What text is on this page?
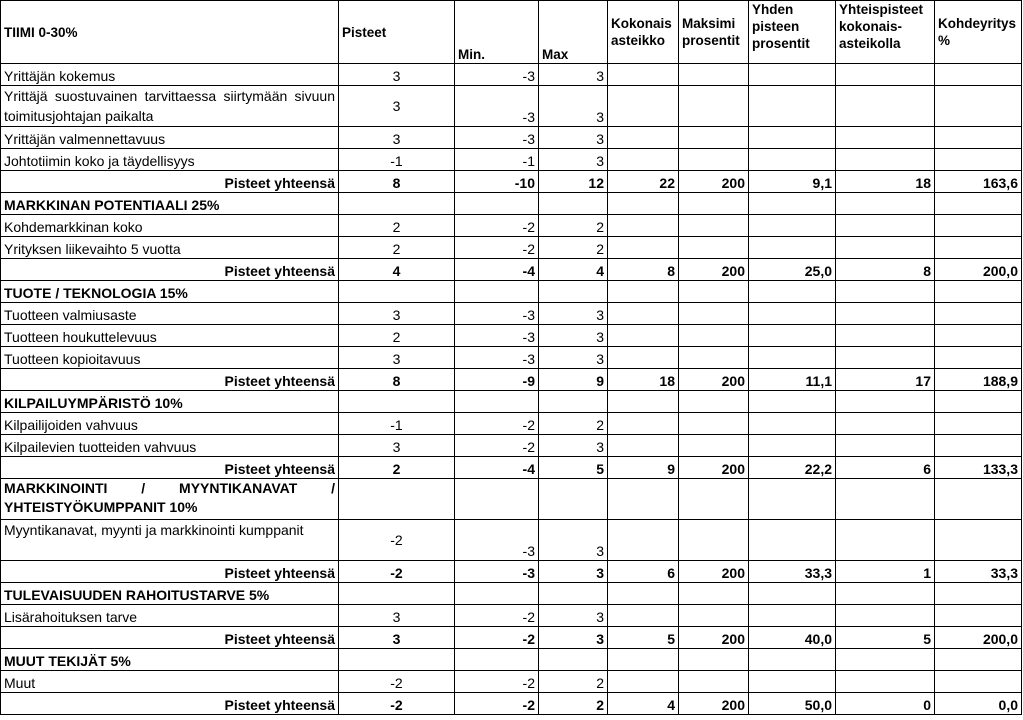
TIIMI 0-30%	Pisteet	Min.	Max	Kokonais asteikko	Maksimi prosentit	Yhden pisteen prosentit	Yhteispisteet kokonais-asteikolla	Kohdeyritys %
Yrittäjän kokemus	3	-3	3					
Yrittäjä suostuvainen tarvittaessa siirtymään sivuun toimitusjohtajan paikalta	3	-3	3					
Yrittäjän valmennettavuus	3	-3	3					
Johtotiimin koko ja täydellisyys	-1	-1	3					
Pisteet yhteensä	8	-10	12	22	200	9,1	18	163,6
MARKKINAN POTENTIAALI 25%								
Kohdemarkkinan koko	2	-2	2					
Yrityksen liikevaihto 5 vuotta	2	-2	2					
Pisteet yhteensä	4	-4	4	8	200	25,0	8	200,0
TUOTE / TEKNOLOGIA 15%								
Tuotteen valmiusaste	3	-3	3					
Tuotteen houkuttelevuus	2	-3	3					
Tuotteen kopioitavuus	3	-3	3					
Pisteet yhteensä	8	-9	9	18	200	11,1	17	188,9
KILPAILUYMPÄRISTÖ 10%								
Kilpailijoiden vahvuus	-1	-2	2					
Kilpailevien tuotteiden vahvuus	3	-2	3					
Pisteet yhteensä	2	-4	5	9	200	22,2	6	133,3
MARKKINOINTI / MYYNTIKANAVAT / YHTEISTYÖKUMPPANIT 10%								
Myyntikanavat, myynti ja markkinointi kumppanit	-2	-3	3					
Pisteet yhteensä	-2	-3	3	6	200	33,3	1	33,3
TULEVAISUUDEN RAHOITUSTARVE 5%								
Lisärahoituksen tarve	3	-2	3					
Pisteet yhteensä	3	-2	3	5	200	40,0	5	200,0
MUUT TEKIJÄT 5%								
Muut	-2	-2	2					
Pisteet yhteensä	-2	-2	2	4	200	50,0	0	0,0
